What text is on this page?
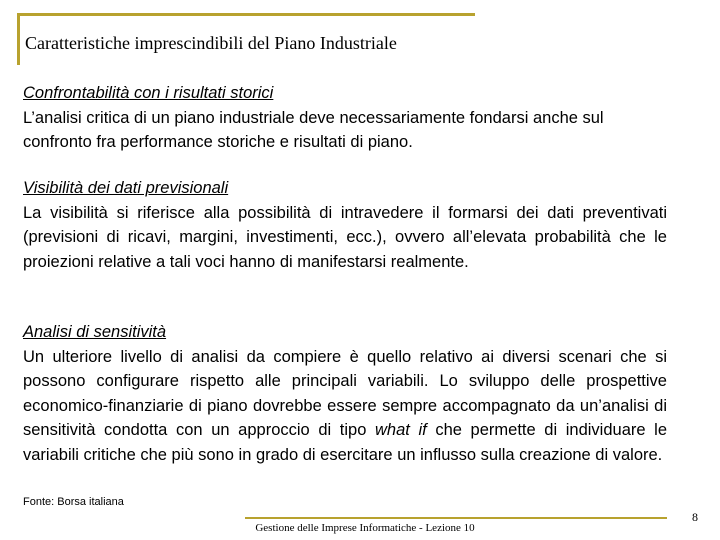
Caratteristiche imprescindibili del Piano Industriale
Confrontabilità con i risultati storici
L’analisi critica di un piano industriale deve necessariamente fondarsi anche sul confronto fra performance storiche e risultati di piano.
Visibilità dei dati previsionali
La visibilità si riferisce alla possibilità di intravedere il formarsi dei dati preventivati (previsioni di ricavi, margini, investimenti, ecc.), ovvero all’elevata probabilità che le proiezioni relative a tali voci hanno di manifestarsi realmente.
Analisi di sensitività
Un ulteriore livello di analisi da compiere è quello relativo ai diversi scenari che si possono configurare rispetto alle principali variabili. Lo sviluppo delle prospettive economico-finanziarie di piano dovrebbe essere sempre accompagnato da un’analisi di sensitività condotta con un approccio di tipo what if che permette di individuare le variabili critiche che più sono in grado di esercitare un influsso sulla creazione di valore.
Fonte: Borsa italiana
Gestione delle Imprese Informatiche - Lezione 10
8
